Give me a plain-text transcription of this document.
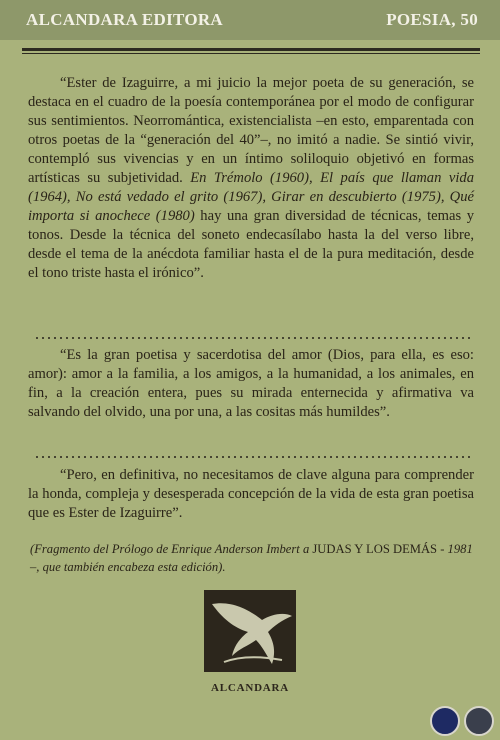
ALCANDARA EDITORA	POESIA, 50

“Ester de Izaguirre, a mi juicio la mejor poeta de su generación, se destaca en el cuadro de la poesía contemporánea por el modo de configurar sus sentimientos. Neorromántica, existencialista –en esto, emparentada con otros poetas de la “generación del 40”–, no imitó a nadie. Se sintió vivir, contempló sus vivencias y en un íntimo soliloquio objetivó en formas artísticas su subjetividad. En Trémolo (1960), El país que llaman vida (1964), No está vedado el grito (1967), Girar en descubierto (1975), Qué importa si anochece (1980) hay una gran diversidad de técnicas, temas y tonos. Desde la técnica del soneto endecasílabo hasta la del verso libre, desde el tema de la anécdota familiar hasta el de la pura meditación, desde el tono triste hasta el irónico”.

“Es la gran poetisa y sacerdotisa del amor (Dios, para ella, es eso: amor): amor a la familia, a los amigos, a la humanidad, a los animales, en fin, a la creación entera, pues su mirada enternecida y afirmativa va salvando del olvido, una por una, a las cositas más humildes”.

“Pero, en definitiva, no necesitamos de clave alguna para comprender la honda, compleja y desesperada concepción de la vida de esta gran poetisa que es Ester de Izaguirre”.

(Fragmento del Prólogo de Enrique Anderson Imbert a JUDAS Y LOS DEMÁS - 1981 –, que también encabeza esta edición).
ALCANDARA
